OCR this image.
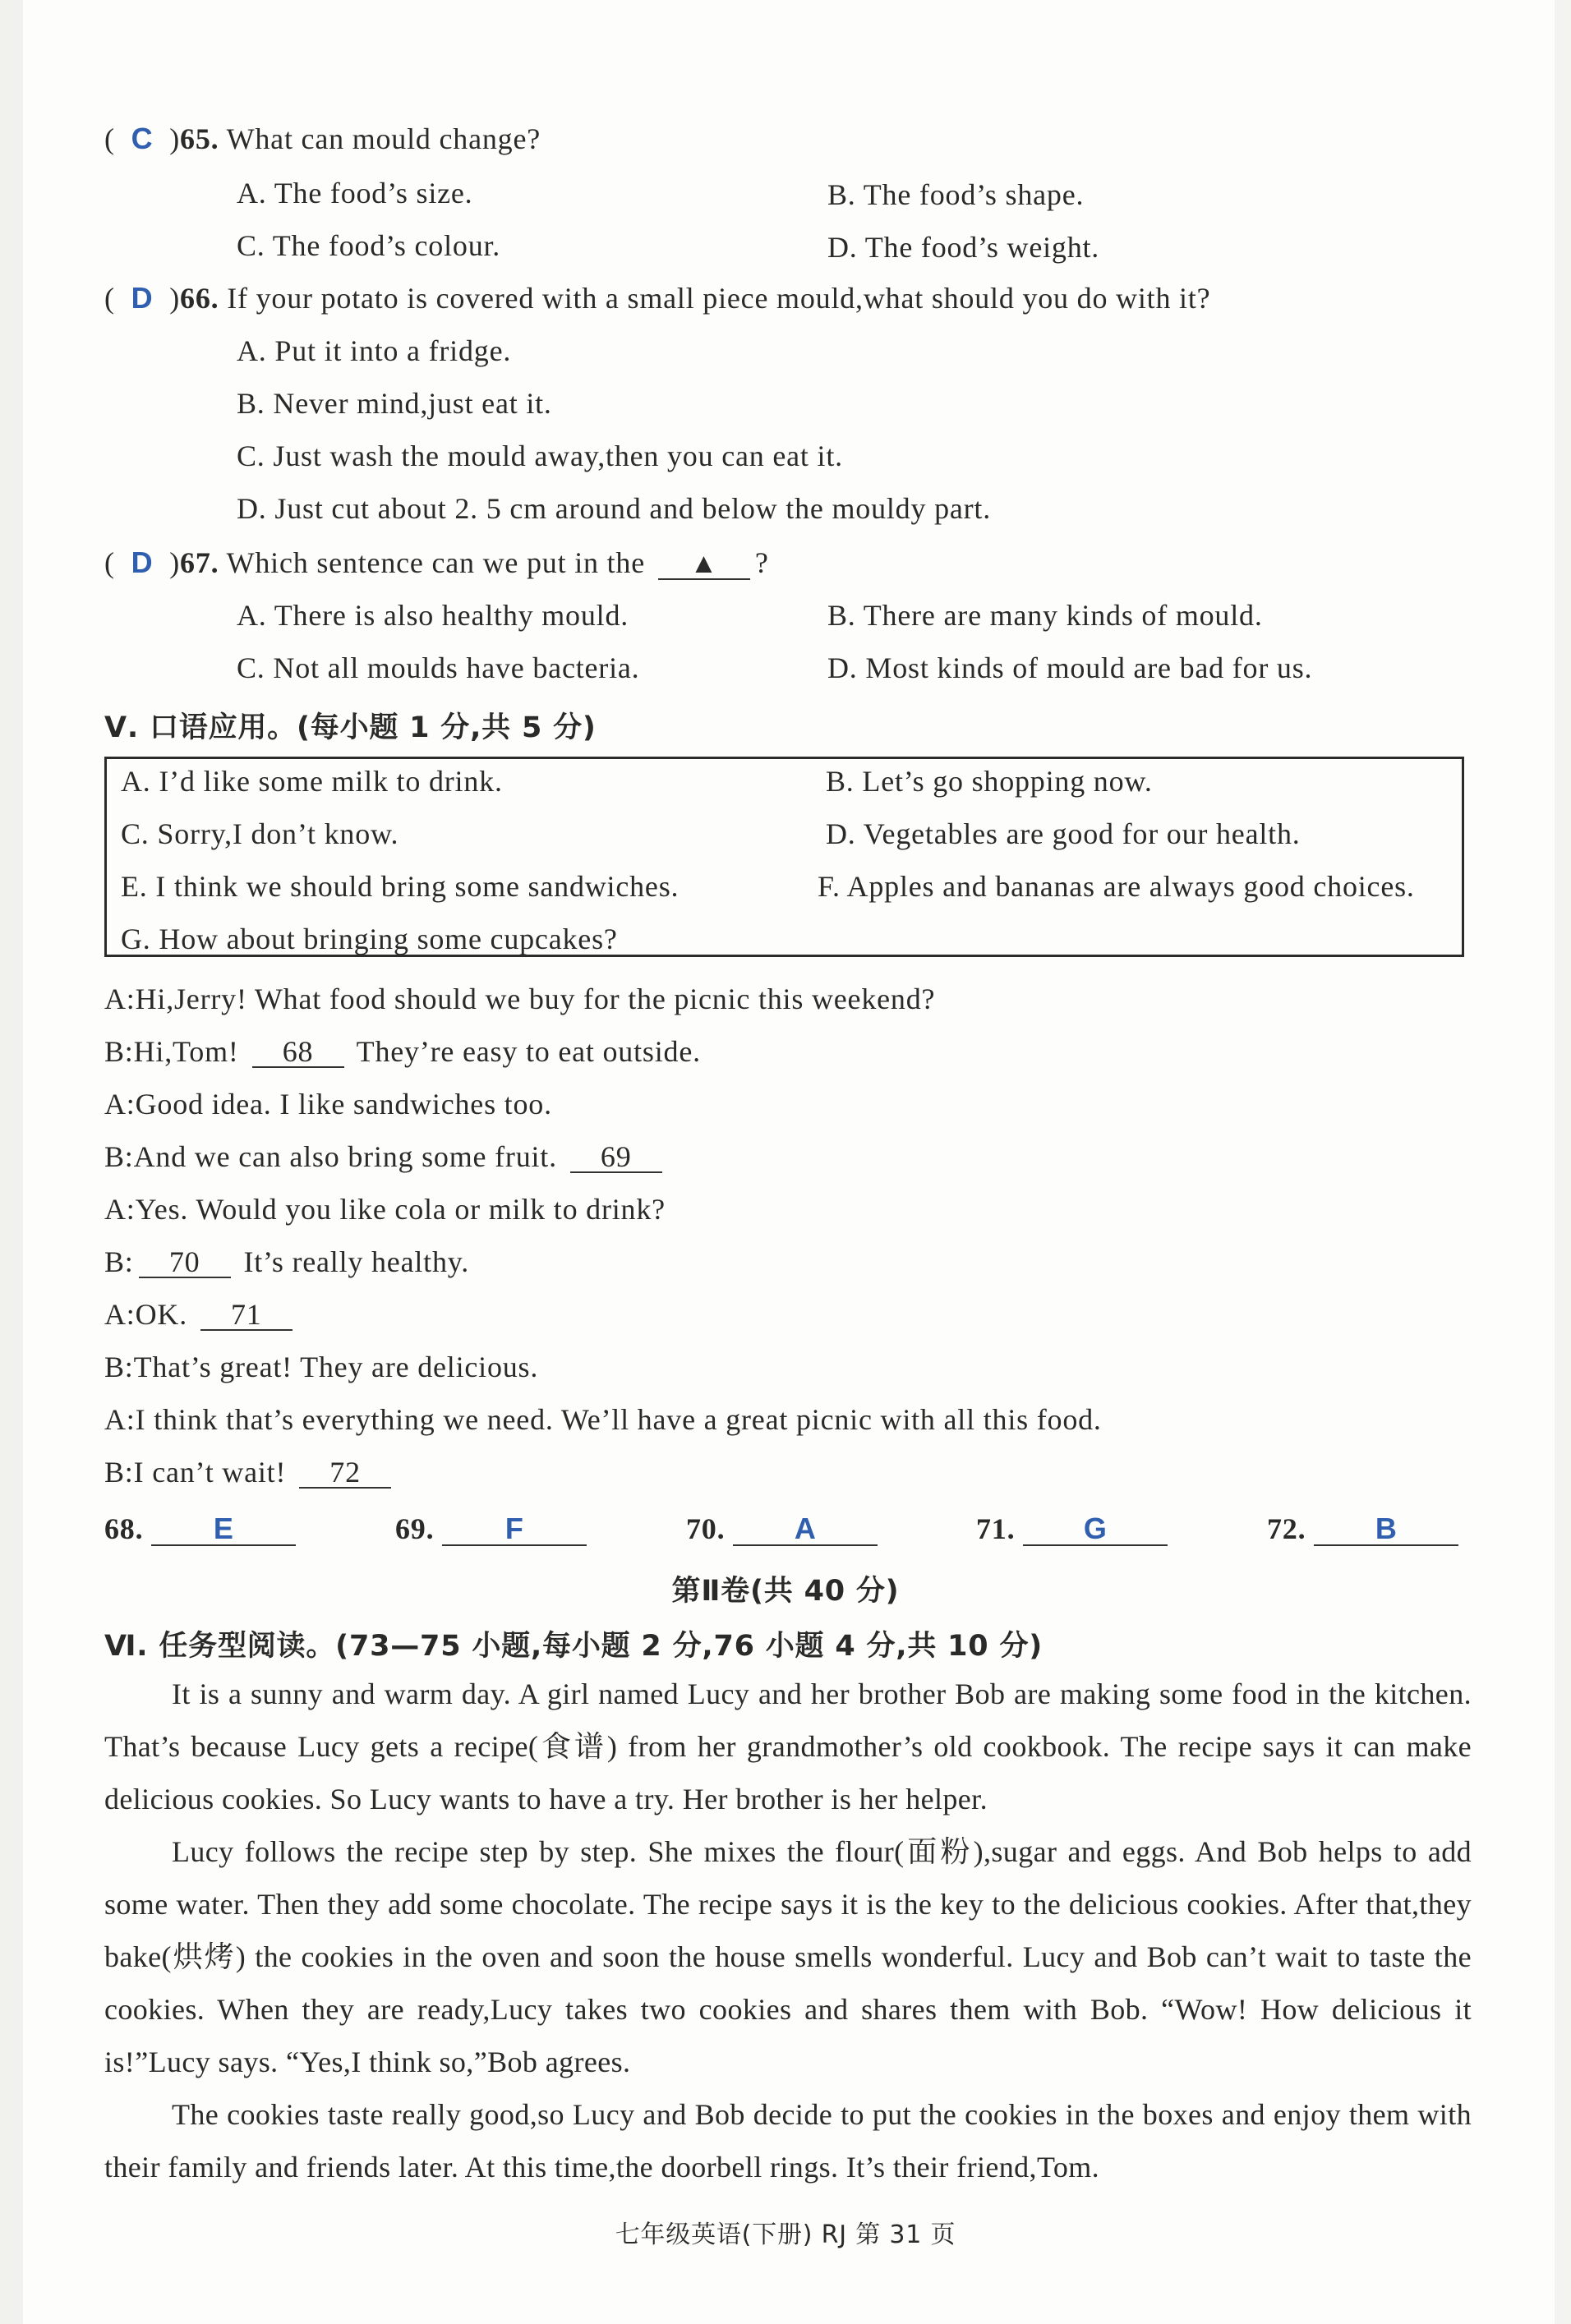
( C )65. What can mould change?
A. The food’s size.	B. The food’s shape.
C. The food’s colour.	D. The food’s weight.
( D )66. If your potato is covered with a small piece mould,what should you do with it?
A. Put it into a fridge.
B. Never mind,just eat it.
C. Just wash the mould away,then you can eat it.
D. Just cut about 2. 5 cm around and below the mouldy part.
( D )67. Which sentence can we put in the ▲ ?
A. There is also healthy mould.	B. There are many kinds of mould.
C. Not all moulds have bacteria.	D. Most kinds of mould are bad for us.
Ⅴ. 口语应用。(每小题 1 分,共 5 分)
A. I’d like some milk to drink.	B. Let’s go shopping now.
C. Sorry,I don’t know.	D. Vegetables are good for our health.
E. I think we should bring some sandwiches.	F. Apples and bananas are always good choices.
G. How about bringing some cupcakes?
A:Hi,Jerry! What food should we buy for the picnic this weekend?
B:Hi,Tom! 68 They’re easy to eat outside.
A:Good idea. I like sandwiches too.
B:And we can also bring some fruit. 69
A:Yes. Would you like cola or milk to drink?
B: 70 It’s really healthy.
A:OK. 71
B:That’s great! They are delicious.
A:I think that’s everything we need. We’ll have a great picnic with all this food.
B:I can’t wait! 72
68. E	69. F	70. A	71. G	72. B
第Ⅱ卷(共 40 分)
Ⅵ. 任务型阅读。(73—75 小题,每小题 2 分,76 小题 4 分,共 10 分)
It is a sunny and warm day. A girl named Lucy and her brother Bob are making some food in the kitchen. That’s because Lucy gets a recipe(食谱) from her grandmother’s old cookbook. The recipe says it can make delicious cookies. So Lucy wants to have a try. Her brother is her helper.
Lucy follows the recipe step by step. She mixes the flour(面粉),sugar and eggs. And Bob helps to add some water. Then they add some chocolate. The recipe says it is the key to the delicious cookies. After that,they bake(烘烤) the cookies in the oven and soon the house smells wonderful. Lucy and Bob can’t wait to taste the cookies. When they are ready,Lucy takes two cookies and shares them with Bob. “Wow! How delicious it is!”Lucy says. “Yes,I think so,”Bob agrees.
The cookies taste really good,so Lucy and Bob decide to put the cookies in the boxes and enjoy them with their family and friends later. At this time,the doorbell rings. It’s their friend,Tom.
七年级英语(下册) RJ 第 31 页
